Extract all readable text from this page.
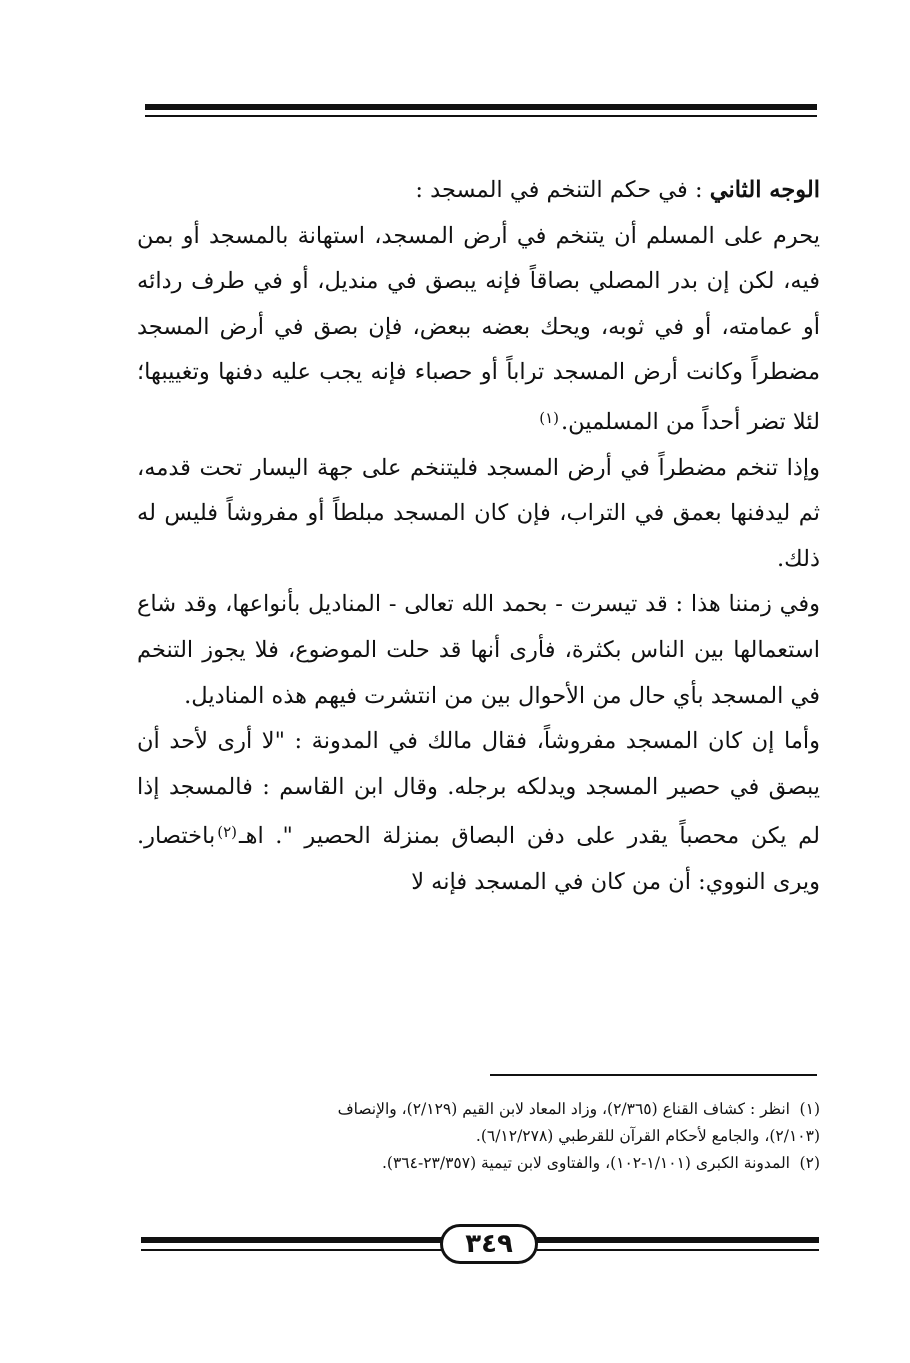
الوجه الثاني : في حكم التنخم في المسجد :

يحرم على المسلم أن يتنخم في أرض المسجد، استهانة بالمسجد أو بمن فيه، لكن إن بدر المصلي بصاقاً فإنه يبصق في منديل، أو في طرف ردائه أو عمامته، أو في ثوبه، ويحك بعضه ببعض، فإن بصق في أرض المسجد مضطراً وكانت أرض المسجد تراباً أو حصباء فإنه يجب عليه دفنها وتغييبها؛ لئلا تضر أحداً من المسلمين.$^{(١)}$

وإذا تنخم مضطراً في أرض المسجد فليتنخم على جهة اليسار تحت قدمه، ثم ليدفنها بعمق في التراب، فإن كان المسجد مبلطاً أو مفروشاً فليس له ذلك.

وفي زمننا هذا : قد تيسرت - بحمد الله تعالى - المناديل بأنواعها، وقد شاع استعمالها بين الناس بكثرة، فأرى أنها قد حلت الموضوع، فلا يجوز التنخم في المسجد بأي حال من الأحوال بين من انتشرت فيهم هذه المناديل.

وأما إن كان المسجد مفروشاً، فقال مالك في المدونة : "لا أرى لأحد أن يبصق في حصير المسجد ويدلكه برجله. وقال ابن القاسم : فالمسجد إذا لم يكن محصباً يقدر على دفن البصاق بمنزلة الحصير ". اهـ$^{(٢)}$باختصار. ويرى النووي: أن من كان في المسجد فإنه لا

(١)انظر : كشاف القناع (٢/٣٦٥)، وزاد المعاد لابن القيم (٢/١٢٩)، والإنصاف

(٢/١٠٣)، والجامع لأحكام القرآن للقرطبي (٦/١٢/٢٧٨).

(٢)المدونة الكبرى (١/١٠١-١٠٢)، والفتاوى لابن تيمية (٢٣/٣٥٧-٣٦٤).

٣٤٩
